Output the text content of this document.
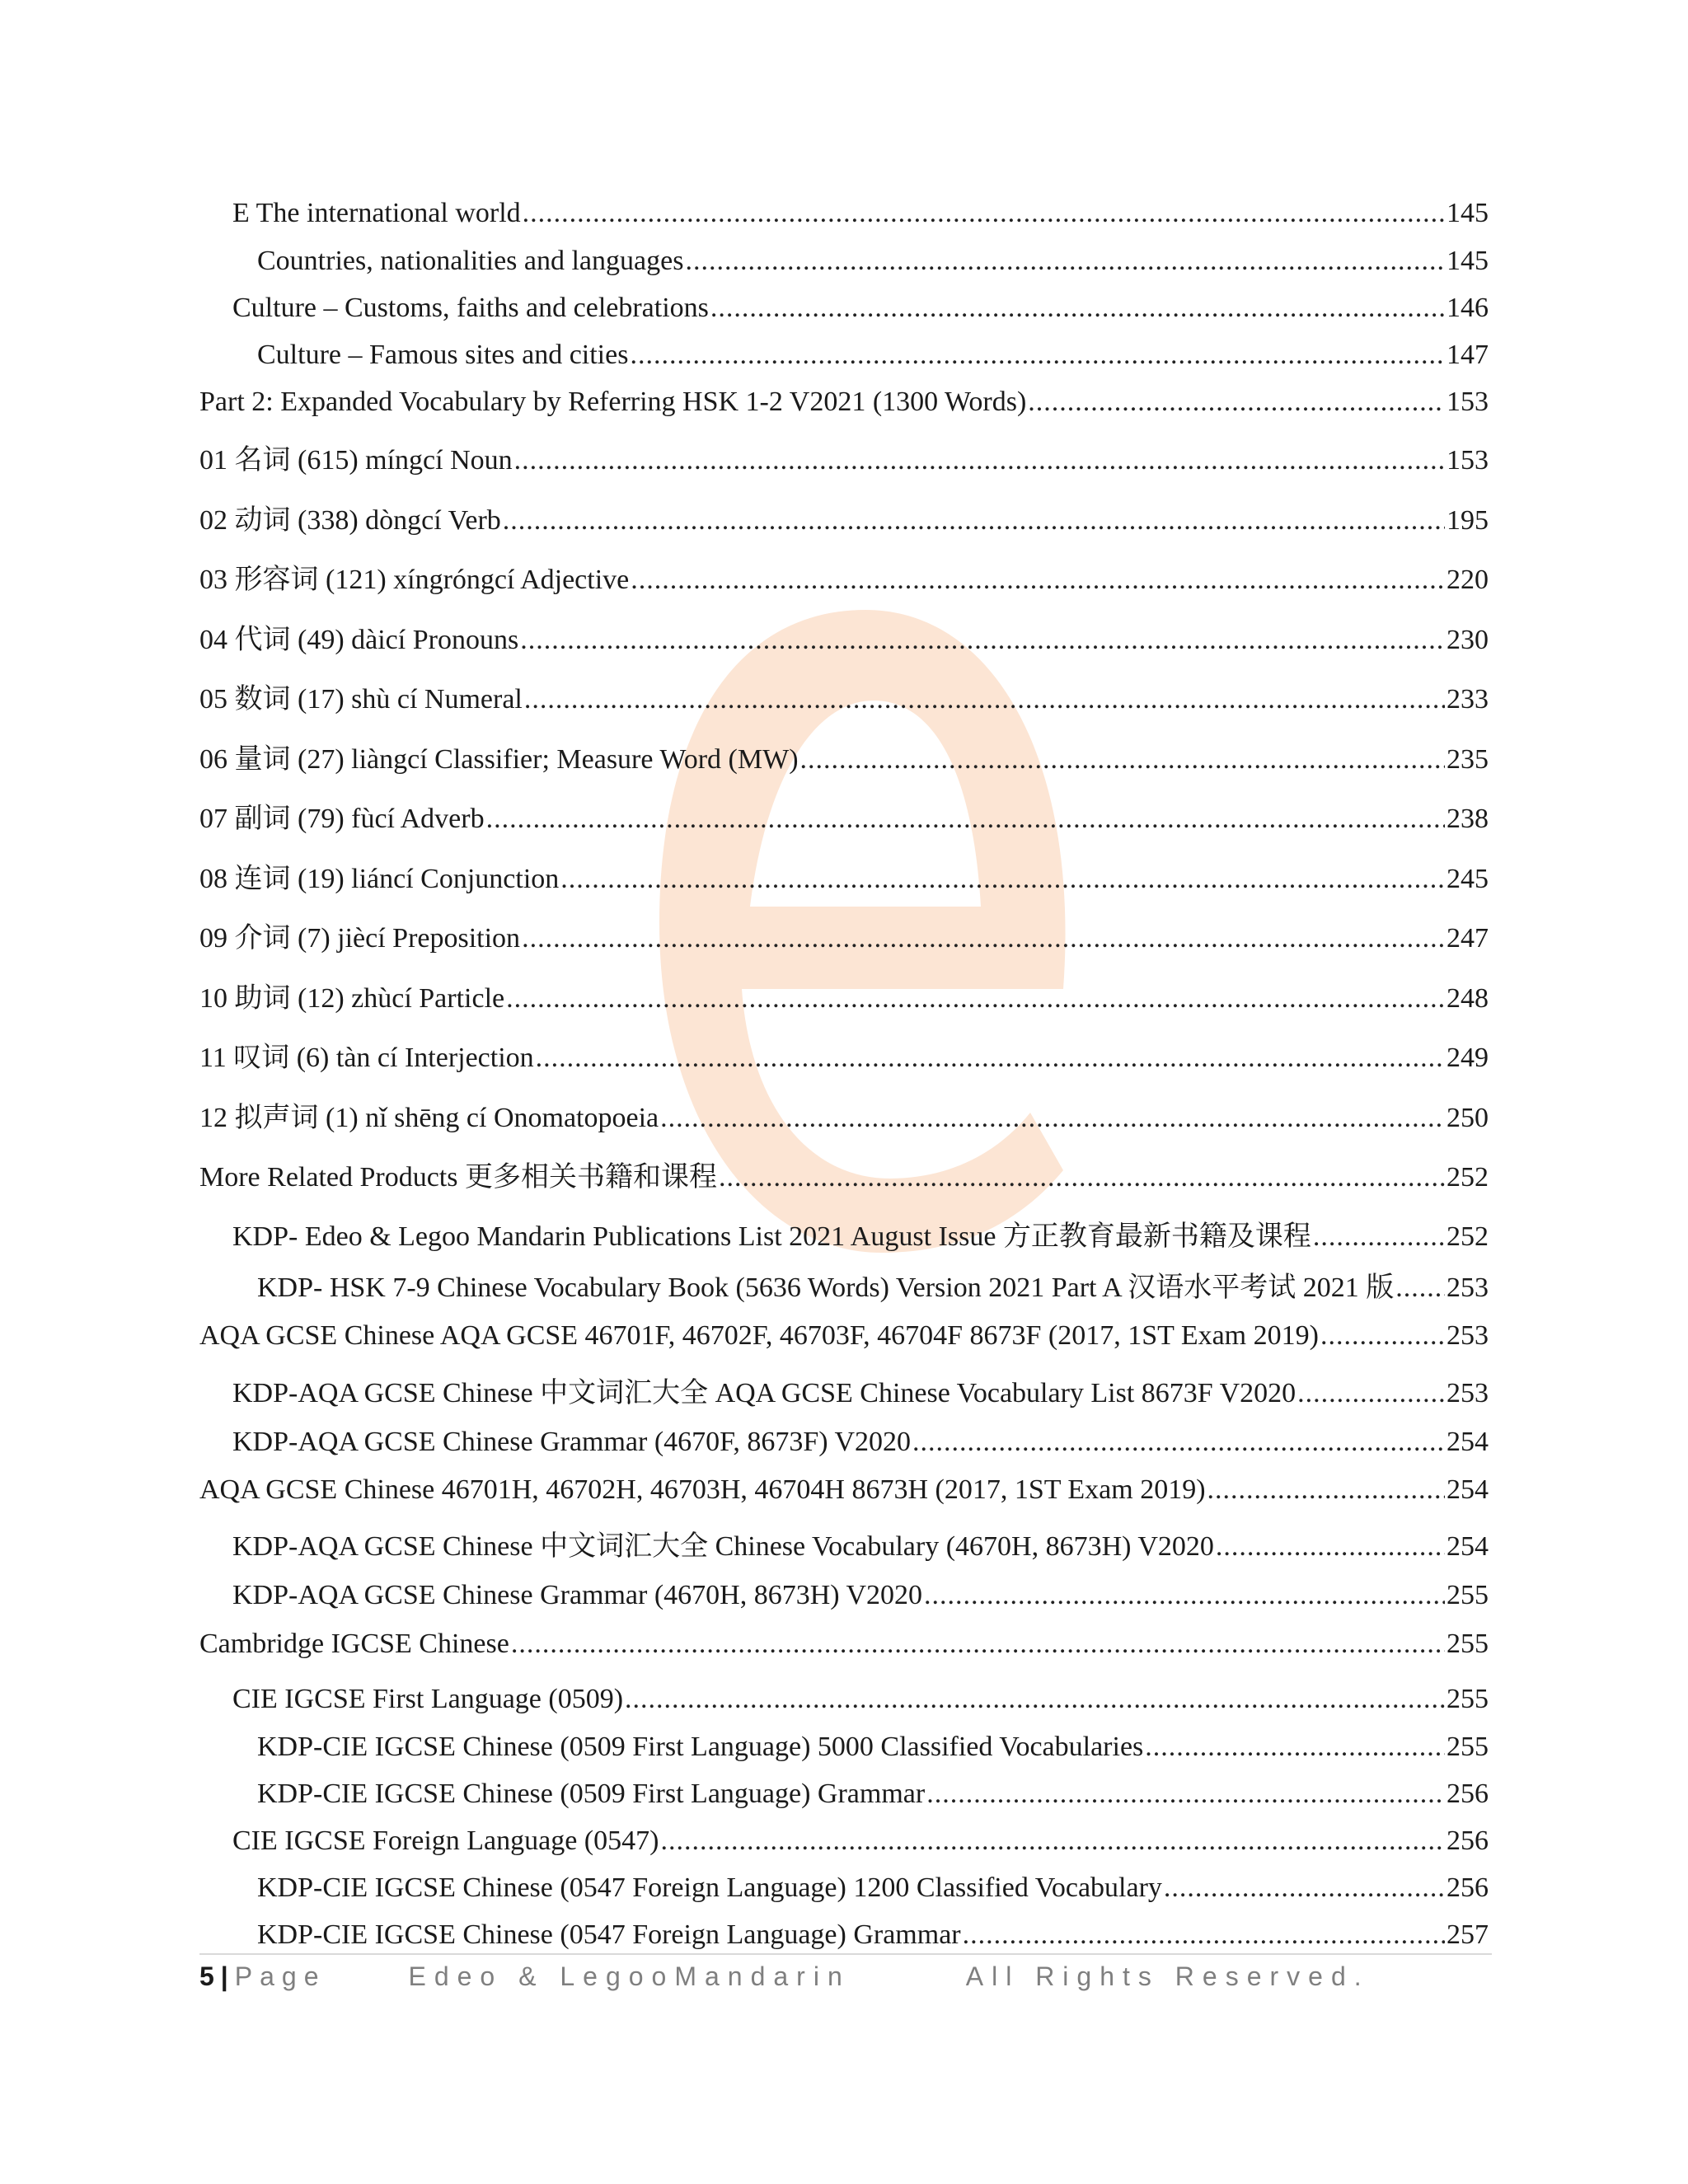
E The international world .....	145
Countries, nationalities and languages .....	145
Culture – Customs, faiths and celebrations .....	146
Culture – Famous sites and cities .....	147
Part 2: Expanded Vocabulary by Referring HSK 1-2 V2021 (1300 Words) .....	153
01 名词 (615) míngcí Noun .....	153
02 动词 (338) dòngcí Verb .....	195
03 形容词 (121) xíngróngcí Adjective .....	220
04 代词 (49) dàicí Pronouns .....	230
05 数词 (17) shù cí Numeral .....	233
06 量词 (27) liàngcí Classifier; Measure Word (MW) .....	235
07 副词 (79) fùcí Adverb .....	238
08 连词 (19) liáncí Conjunction .....	245
09 介词 (7) jiècí Preposition .....	247
10 助词 (12) zhùcí Particle .....	248
11 叹词 (6) tàn cí Interjection .....	249
12 拟声词 (1) nǐ shēng cí Onomatopoeia .....	250
More Related Products 更多相关书籍和课程 .....	252
KDP- Edeo & Legoo Mandarin Publications List 2021 August Issue 方正教育最新书籍及课程 .....	252
KDP- HSK 7-9 Chinese Vocabulary Book (5636 Words) Version 2021 Part A 汉语水平考试 2021 版 ..... 253
AQA GCSE Chinese AQA GCSE 46701F, 46702F, 46703F, 46704F 8673F (2017, 1ST Exam 2019) .....	253
KDP-AQA GCSE Chinese 中文词汇大全 AQA GCSE Chinese Vocabulary List 8673F V2020 .....	253
KDP-AQA GCSE Chinese Grammar (4670F, 8673F) V2020 .....	254
AQA GCSE Chinese 46701H, 46702H, 46703H, 46704H 8673H (2017, 1ST Exam 2019) .....	254
KDP-AQA GCSE Chinese 中文词汇大全 Chinese Vocabulary (4670H, 8673H) V2020 .....	254
KDP-AQA GCSE Chinese Grammar (4670H, 8673H) V2020 .....	255
Cambridge IGCSE Chinese .....	255
CIE IGCSE First Language (0509) .....	255
KDP-CIE IGCSE Chinese (0509 First Language) 5000 Classified Vocabularies .....	255
KDP-CIE IGCSE Chinese (0509 First Language) Grammar .....	256
CIE IGCSE Foreign Language (0547) .....	256
KDP-CIE IGCSE Chinese (0547 Foreign Language) 1200 Classified Vocabulary .....	256
KDP-CIE IGCSE Chinese (0547 Foreign Language) Grammar .....	257
5 | Page	Edeo & LegooMandarin	All Rights Reserved.
